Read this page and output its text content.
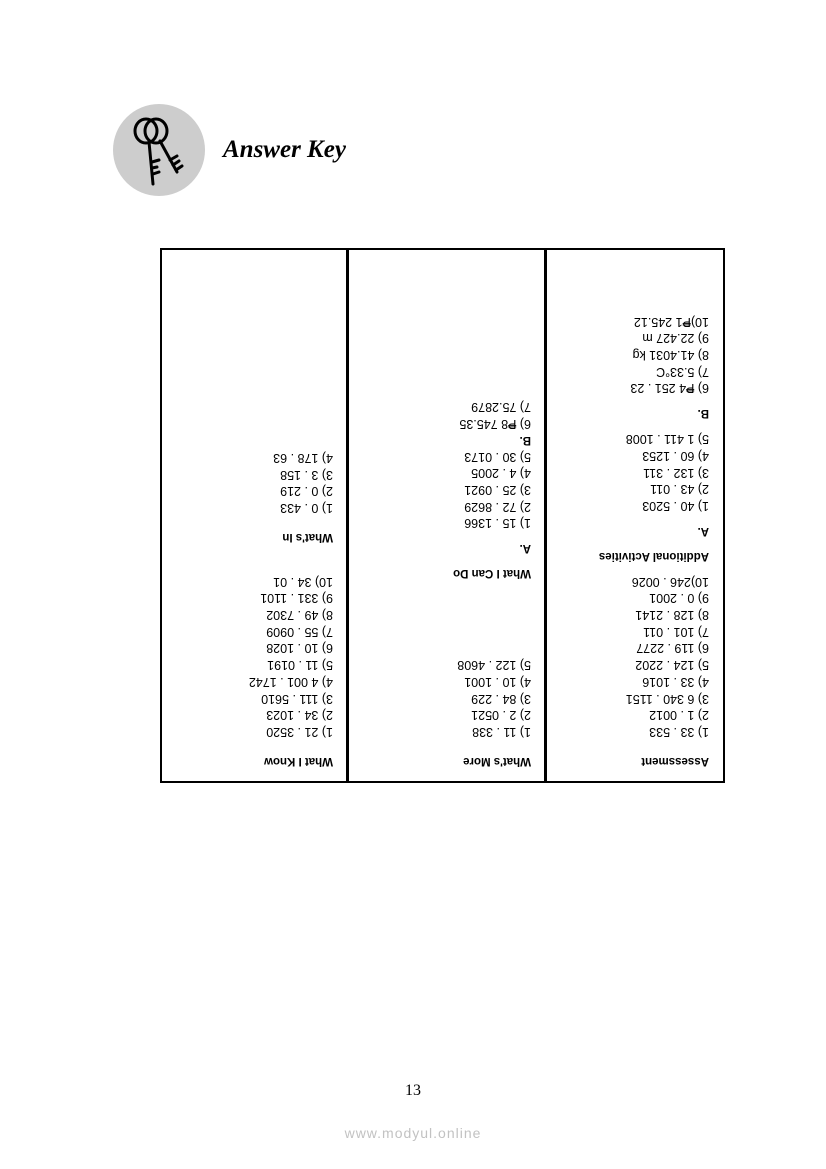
Answer Key
What I Know
1) 21 . 3520
2) 34 . 1023
3) 111 . 5610
4) 4 001 . 1742
5) 11 . 0191
6) 10 . 1028
7) 55 . 0909
8) 49 . 7302
9) 331 . 1101
10) 34 . 01
What's In
1) 0 . 433
2) 0 . 219
3) 3 . 158
4) 178 . 63
What's More
1) 11 . 338
2) 2 . 0521
3) 84 . 229
4) 10 . 1001
5) 122 . 4608
What I Can Do
A.
1) 15 . 1366
2) 72 . 8629
3) 25 . 0921
4) 4 . 2005
5) 30 . 0173
B.
6) ₱8 745.35
7) 75.2879
Assessment
1) 33 . 533
2) 1 . 0012
3) 6 340 . 1151
4) 33 . 1016
5) 124 . 2202
6) 119 . 2277
7) 101 . 011
8) 128 . 2141
9) 0 . 2001
10)246 . 0026
Additional Activities
A.
1) 40 . 5203
2) 43 . 011
3) 132 . 311
4) 60 . 1253
5) 1 411 . 1008
B.
6) ₱4 251 . 23
7) 5.33°C
8) 41.4031 kg
9) 22.427 m
10)₱1 245.12
13
www.modyul.online
